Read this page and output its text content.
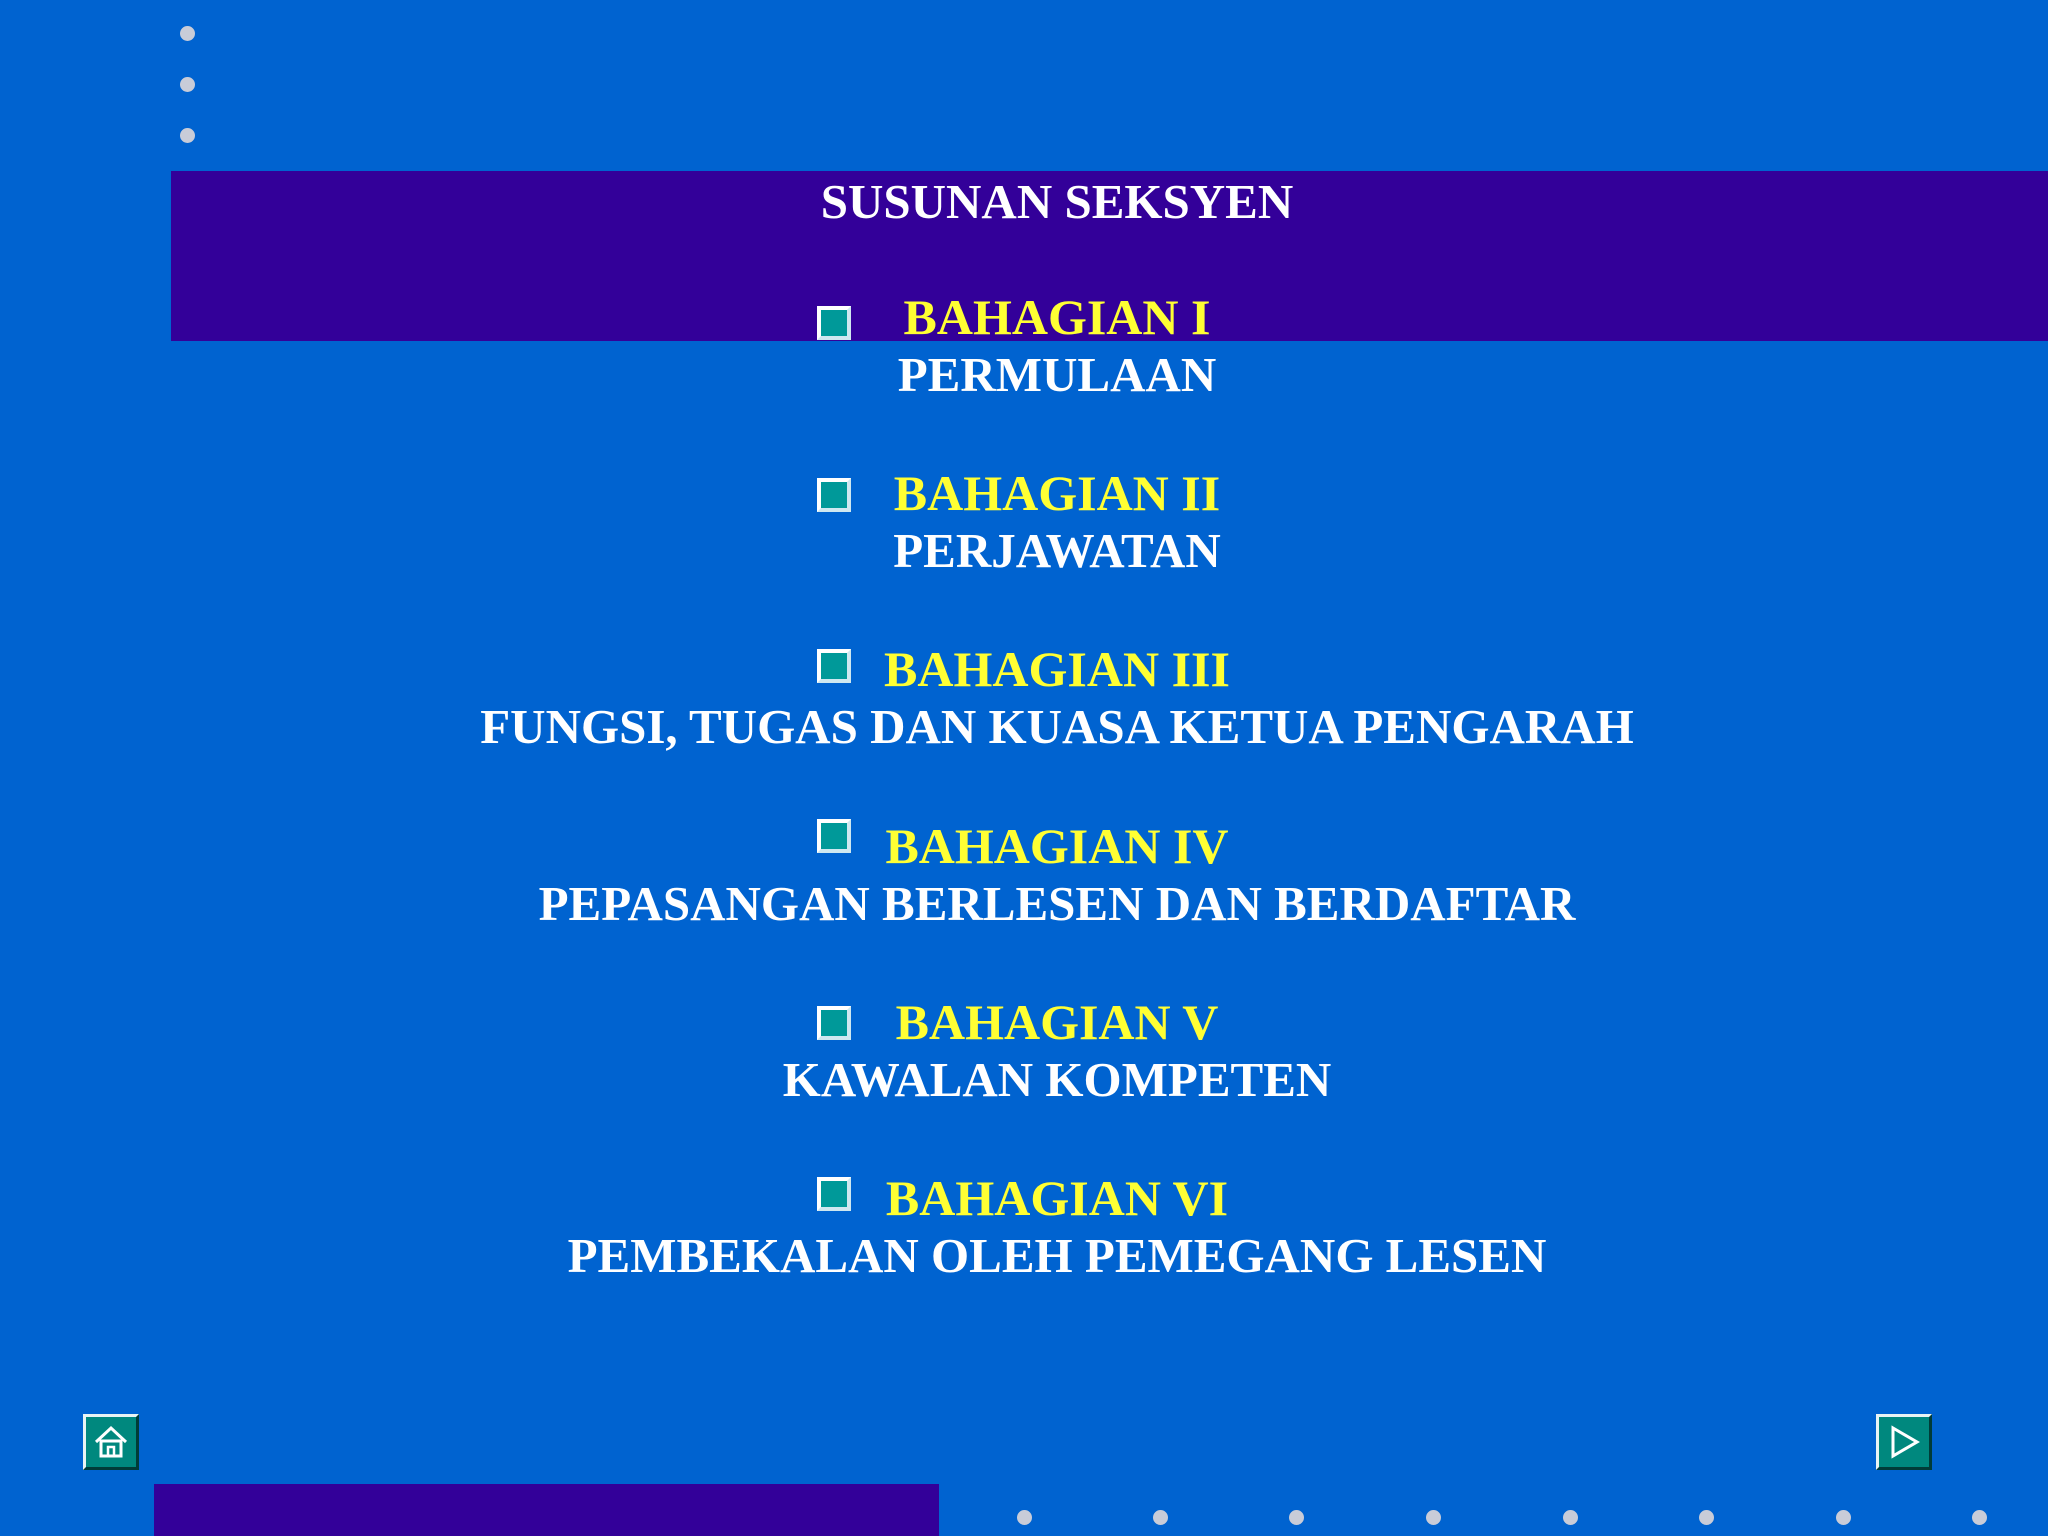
SUSUNAN SEKSYEN
BAHAGIAN I
PERMULAAN
BAHAGIAN II
PERJAWATAN
BAHAGIAN III
FUNGSI, TUGAS DAN KUASA KETUA PENGARAH
BAHAGIAN IV
PEPASANGAN BERLESEN DAN BERDAFTAR
BAHAGIAN V
KAWALAN KOMPETEN
BAHAGIAN VI
PEMBEKALAN OLEH PEMEGANG LESEN
